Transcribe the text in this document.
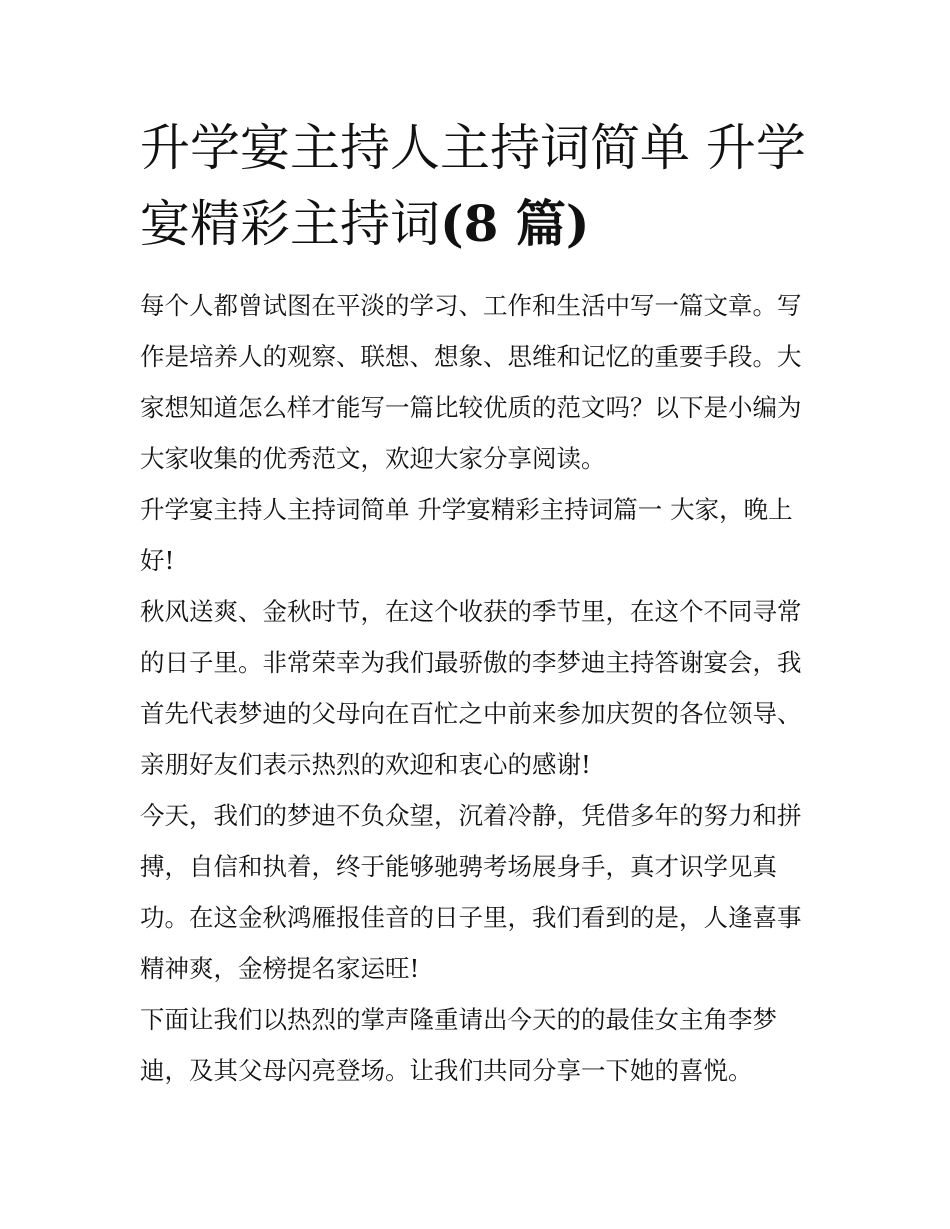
升学宴主持人主持词简单 升学
宴精彩主持词(8 篇)

每个人都曾试图在平淡的学习、工作和生活中写一篇文章。写
作是培养人的观察、联想、想象、思维和记忆的重要手段。大
家想知道怎么样才能写一篇比较优质的范文吗？以下是小编为
大家收集的优秀范文，欢迎大家分享阅读。

升学宴主持人主持词简单 升学宴精彩主持词篇一 大家，晚上
好!

秋风送爽、金秋时节，在这个收获的季节里，在这个不同寻常
的日子里。非常荣幸为我们最骄傲的李梦迪主持答谢宴会，我
首先代表梦迪的父母向在百忙之中前来参加庆贺的各位领导、
亲朋好友们表示热烈的欢迎和衷心的感谢!

今天，我们的梦迪不负众望，沉着冷静，凭借多年的努力和拼
搏，自信和执着，终于能够驰骋考场展身手，真才识学见真
功。在这金秋鸿雁报佳音的日子里，我们看到的是，人逢喜事
精神爽，金榜提名家运旺!

下面让我们以热烈的掌声隆重请出今天的的最佳女主角李梦
迪，及其父母闪亮登场。让我们共同分享一下她的喜悦。
